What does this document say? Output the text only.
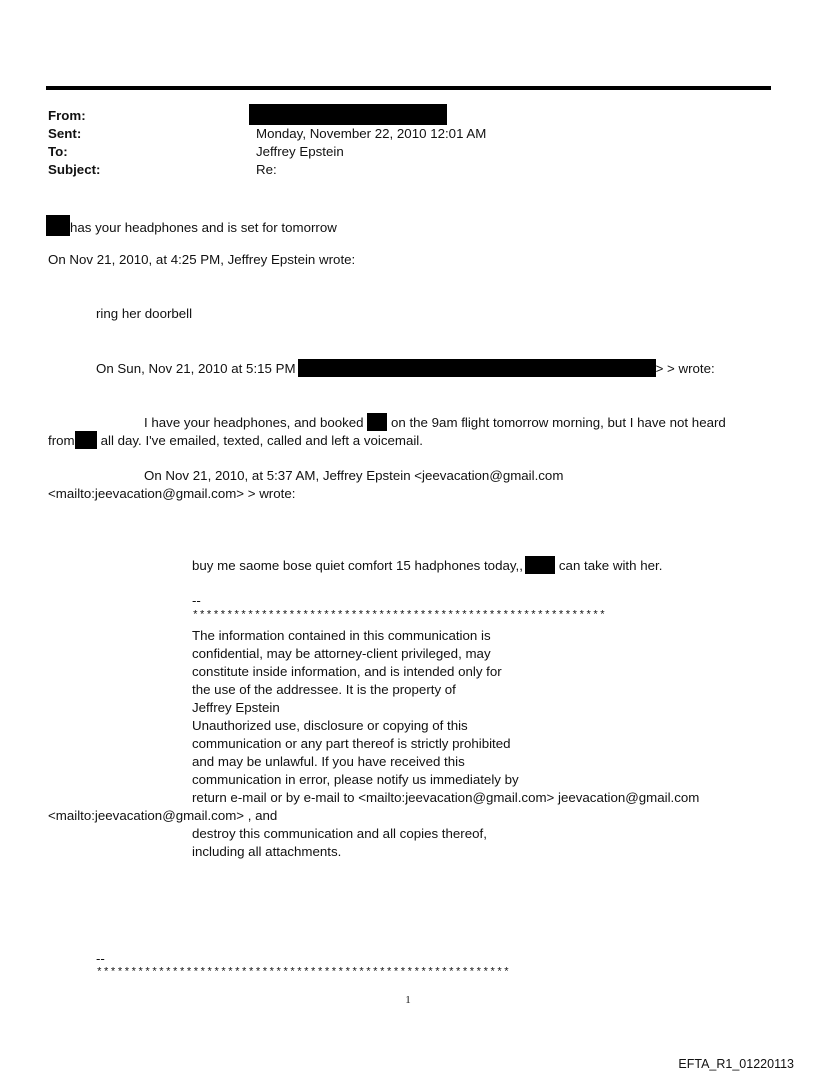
From:
Sent:	Monday, November 22, 2010 12:01 AM
To:	Jeffrey Epstein
Subject:	Re:
has your headphones and is set for tomorrow
On Nov 21, 2010, at 4:25 PM, Jeffrey Epstein wrote:
ring her doorbell
On Sun, Nov 21, 2010 at 5:15 PM	> > wrote:
I have your headphones, and booked on the 9am flight tomorrow morning, but I have not heard
from all day. I've emailed, texted, called and left a voicemail.
On Nov 21, 2010, at 5:37 AM, Jeffrey Epstein <jeevacation@gmail.com
<mailto:jeevacation@gmail.com> > wrote:
buy me saome bose quiet comfort 15 hadphones today,,	can take with her.
--
************************************************************
The information contained in this communication is
confidential, may be attorney-client privileged, may
constitute inside information, and is intended only for
the use of the addressee. It is the property of
Jeffrey Epstein
Unauthorized use, disclosure or copying of this
communication or any part thereof is strictly prohibited
and may be unlawful. If you have received this
communication in error, please notify us immediately by
return e-mail or by e-mail to <mailto:jeevacation@gmail.com> jeevacation@gmail.com
<mailto:jeevacation@gmail.com> , and
destroy this communication and all copies thereof,
including all attachments.
--
************************************************************
1
EFTA_R1_01220113
